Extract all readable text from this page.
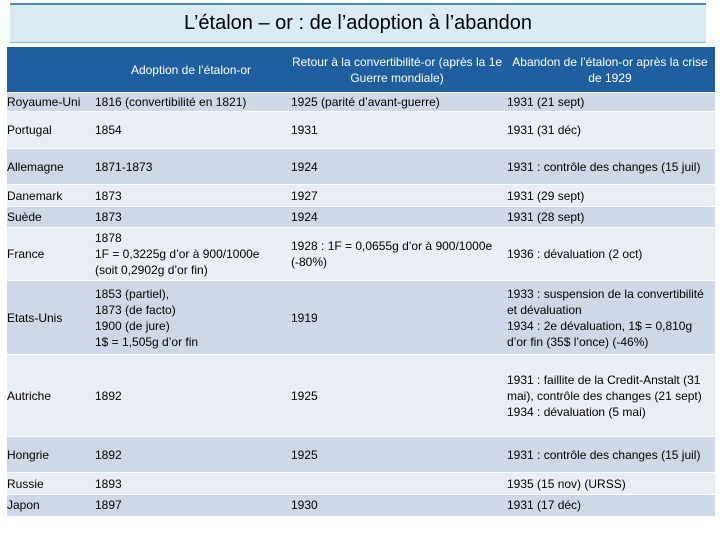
L’étalon – or : de l’adoption à l’abandon
	Adoption de l’étalon-or	Retour à la convertibilité-or (après la 1e Guerre mondiale)	Abandon de l’étalon-or après la crise de 1929
Royaume-Uni	1816 (convertibilité en 1821)	1925 (parité d’avant-guerre)	1931 (21 sept)

Portugal	1854	1931	1931 (31 déc)

Allemagne	1871-1873	1924	1931 : contrôle des changes (15 juil)

Danemark	1873	1927	1931 (29 sept)

Suède	1873	1924	1931 (28 sept)

France	1878
1F = 0,3225g d’or à 900/1000e
(soit 0,2902g d’or fin)	1928 : 1F = 0,0655g d’or à 900/1000e (-80%)	1936 : dévaluation (2 oct)

Etats-Unis	1853 (partiel),
1873 (de facto)
1900 (de jure)
1$ = 1,505g d’or fin	1919	1933 : suspension de la convertibilité et dévaluation
1934 : 2e dévaluation, 1$ = 0,810g d’or fin (35$ l’once) (-46%)

Autriche	1892	1925	1931 : faillite de la Credit-Anstalt (31 mai), contrôle des changes (21 sept)
1934 : dévaluation (5 mai)

Hongrie	1892	1925	1931 : contrôle des changes (15 juil)

Russie	1893		1935 (15 nov) (URSS)

Japon	1897	1930	1931 (17 déc)
